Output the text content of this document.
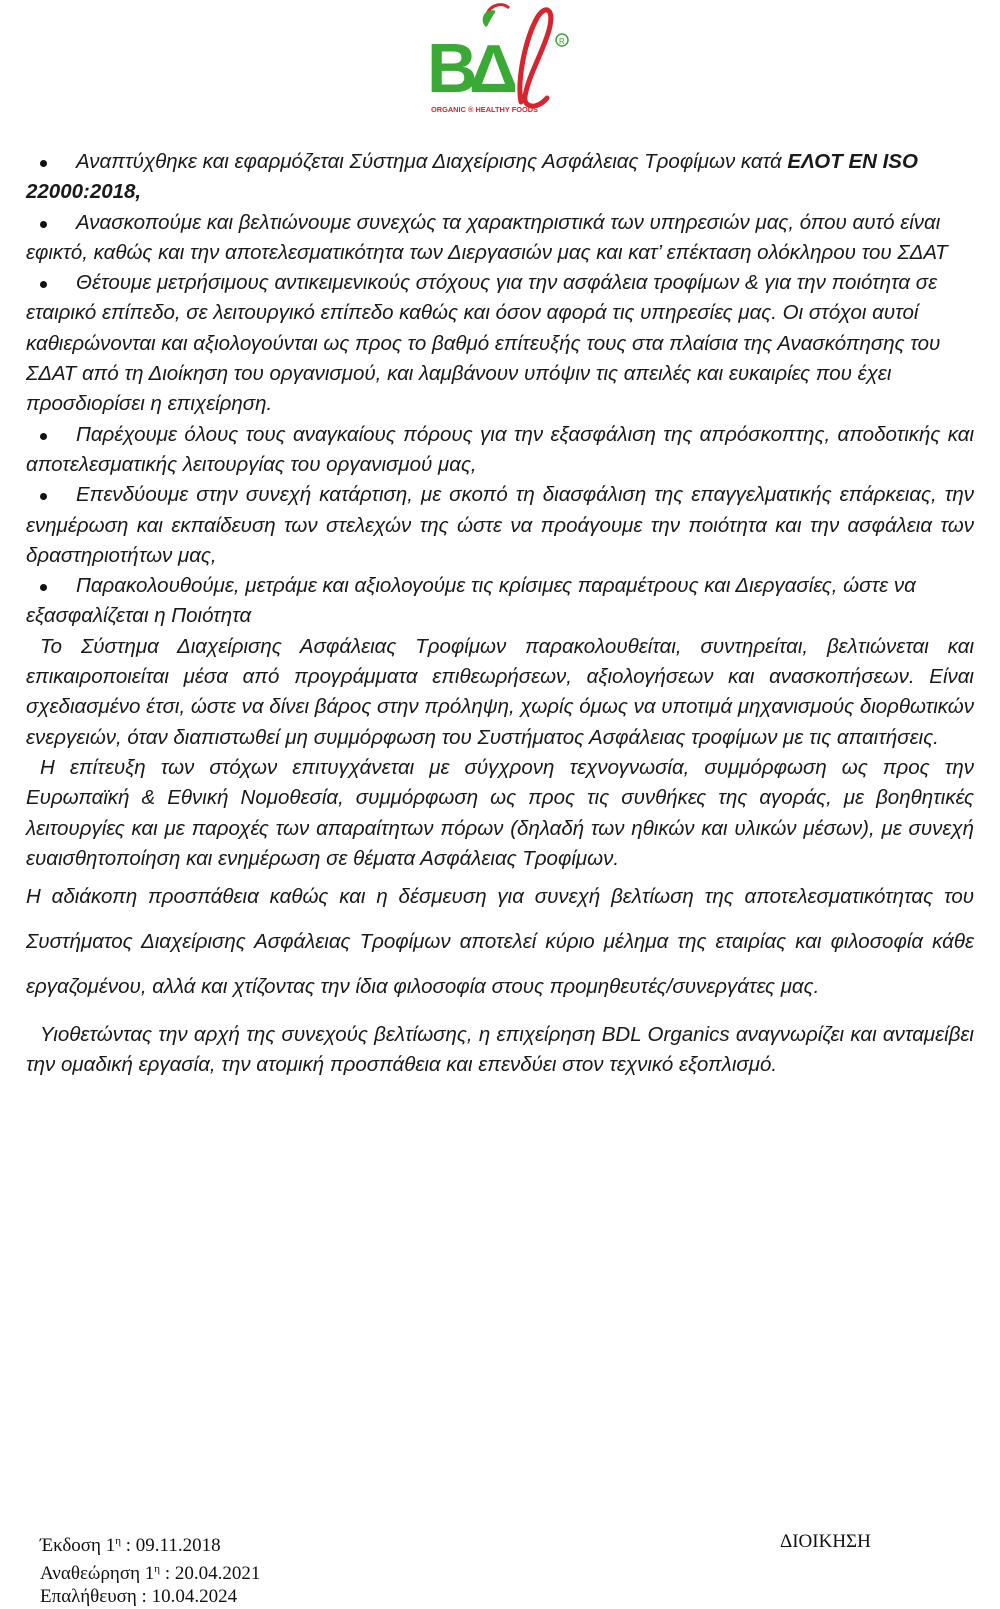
B
Δ	R
ORGANIC ® HEALTHY FOODS

Αναπτύχθηκε και εφαρμόζεται Σύστημα Διαχείρισης Ασφάλειας Τροφίμων κατά ΕΛΟΤ EN ISO 22000:2018,

Ανασκοπούμε και βελτιώνουμε συνεχώς τα χαρακτηριστικά των υπηρεσιών μας, όπου αυτό είναι εφικτό, καθώς και την αποτελεσματικότητα των Διεργασιών μας και κατ’ επέκταση ολόκληρου του ΣΔΑΤ

Θέτουμε μετρήσιμους αντικειμενικούς στόχους για την ασφάλεια τροφίμων & για την ποιότητα σε εταιρικό επίπεδο, σε λειτουργικό επίπεδο καθώς και όσον αφορά τις υπηρεσίες μας. Οι στόχοι αυτοί καθιερώνονται και αξιολογούνται ως προς το βαθμό επίτευξής τους στα πλαίσια της Ανασκόπησης του ΣΔΑΤ από τη Διοίκηση του οργανισμού, και λαμβάνουν υπόψιν τις απειλές και ευκαιρίες που έχει προσδιορίσει η επιχείρηση.

Παρέχουμε όλους τους αναγκαίους πόρους για την εξασφάλιση της απρόσκοπτης, αποδοτικής και αποτελεσματικής λειτουργίας του οργανισμού μας,

Επενδύουμε στην συνεχή κατάρτιση, με σκοπό τη διασφάλιση της επαγγελματικής επάρκειας, την ενημέρωση και εκπαίδευση των στελεχών της ώστε να προάγουμε την ποιότητα και την ασφάλεια των δραστηριοτήτων μας,

Παρακολουθούμε, μετράμε και αξιολογούμε τις κρίσιμες παραμέτρους και Διεργασίες, ώστε να εξασφαλίζεται η Ποιότητα

Το Σύστημα Διαχείρισης Ασφάλειας Τροφίμων παρακολουθείται, συντηρείται, βελτιώνεται και επικαιροποιείται μέσα από προγράμματα επιθεωρήσεων, αξιολογήσεων και ανασκοπήσεων. Είναι σχεδιασμένο έτσι, ώστε να δίνει βάρος στην πρόληψη, χωρίς όμως να υποτιμά μηχανισμούς διορθωτικών ενεργειών, όταν διαπιστωθεί μη συμμόρφωση του Συστήματος Ασφάλειας τροφίμων με τις απαιτήσεις.

Η επίτευξη των στόχων επιτυγχάνεται με σύγχρονη τεχνογνωσία, συμμόρφωση ως προς την Ευρωπαϊκή & Εθνική Νομοθεσία, συμμόρφωση ως προς τις συνθήκες της αγοράς, με βοηθητικές λειτουργίες και με παροχές των απαραίτητων πόρων (δηλαδή των ηθικών και υλικών μέσων), με συνεχή ευαισθητοποίηση και ενημέρωση σε θέματα Ασφάλειας Τροφίμων.

Η αδιάκοπη προσπάθεια καθώς και η δέσμευση για συνεχή βελτίωση της αποτελεσματικότητας του Συστήματος Διαχείρισης Ασφάλειας Τροφίμων αποτελεί κύριο μέλημα της εταιρίας και φιλοσοφία κάθε εργαζομένου, αλλά και χτίζοντας την ίδια φιλοσοφία στους προμηθευτές/συνεργάτες μας.

Υιοθετώντας την αρχή της συνεχούς βελτίωσης, η επιχείρηση BDL Organics αναγνωρίζει και ανταμείβει την ομαδική εργασία, την ατομική προσπάθεια και επενδύει στον τεχνικό εξοπλισμό.

Έκδοση $1^\eta$ : 09.11.2018
Αναθεώρηση $1^\eta$ : 20.04.2021
Επαλήθευση : 10.04.2024
ΔΙΟΙΚΗΣΗ
